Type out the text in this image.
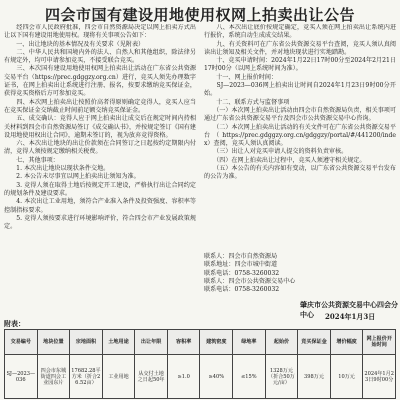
四会市国有建设用地使用权网上拍卖出让公告
　　经四会市人民政府批准，四会市自然资源局决定以网上拍卖方式出让以下国有建设用地使用权。现将有关事项公告如下：
　　一、出让地块的基本情况及有关要求（见附表）
　　二、中华人民共和国境内外的法人、自然人和其他组织，除法律另有规定外，均可申请参加竞买，不接受联合竞买。
　　三、本次国有建设用地使用权网上拍卖出让活动在广东省公共资源交易平台（https://prec.gdggzy.org.cn）进行，竞买人须先办理数字证书，在网上拍卖出让系统进行注册、报名，按要求缴纳竞买保证金，获得竞买资格后方可参加竞买。
　　四、本次网上拍卖出让按照价高者得原则确定竞得人，竞买人应当在竞买保证金交纳截止时间前足额交纳竞买保证金。
　　五、成交确认：竞得人应于网上拍卖出让成交后在规定时间内持相关材料到四会市自然资源局签订《成交确认书》，并按规定签订《国有建设用地使用权出让合同》，逾期未签订的，视为放弃竞得资格。
　　六、本次出让地块的出让价款须在合同签订之日起按约定期限内付清，竞得人须按规定缴纳相关税费。
　　七、其他事项：
　　1. 本次出让地块以现状条件交地。
　　2. 本公告未尽事宜以网上拍卖出让须知为准。
　　3. 竞得人须在取得土地后按规定开工建设，严格执行出让合同约定的规划条件及建设要求。
　　4. 本次出让工业用地，须符合产业准入条件及投资强度、容积率等控制指标要求。
　　5. 竞得人须按要求进行环境影响评价，符合四会市产业发展政策规定。
　　八、本次出让底价按规定确定，竞买人须在网上拍卖出让系统内进行报价，系统自动生成成交结果。
　　九、有关资料可在广东省公共资源交易平台查阅，竞买人须认真阅读出让须知及相关文件，并对地块现状进行实地踏勘。
　　十、竞买申请时间：2024年1月22日17时00分至2024年2月21日17时00分（以网上系统时间为准）。
　　十一、网上报价时间：
　　SJ—2023—036网上拍卖出让时间自2024年1月23日9时00分开始。
　　十二、联系方式与监督事项
　　（一）本次网上拍卖出让活动由四会市自然资源局负责，相关事项可通过广东省公共资源交易平台及四会市公共资源交易中心咨询。
　　（二）本次网上拍卖出让活动的有关文件可在广东省公共资源交易平台（https://prec.gdggzy.org.cn/gdggzy/portal/#/441200/index）查阅，竞买人须认真阅读。
　　（三）出让人对竞买申请人提交的资料负责审核。
　　（四）在网上拍卖出让过程中，竞买人须遵守相关规定。
　　（五）本公告的有关内容如有变动，以广东省公共资源交易平台发布的公告为准。
联系人：四会市自然资源局
联系地址：四会市城中街道
联系电话：0758-3260032
联系人：四会市公共资源交易中心
联系电话：0758-3260032
肇庆市公共资源交易中心四会分中心	2024年1月3日
附表：
交易编号	地块位置	宗地面积	土地用途	出让年限	容积率	建筑密度	绿地率	起始价	竞买保证金	增价幅度	网上报价开始时间
SJ—2023—036	四会市东城街道四会工业园东片	17682.28平方米（折合26.52亩）	工业用地	从交付土地之日起50年	≥1.0	≥40%	≤15%	1328万元（折合50万元/亩）	398万元	10万元	2024年1月23日9时00分
